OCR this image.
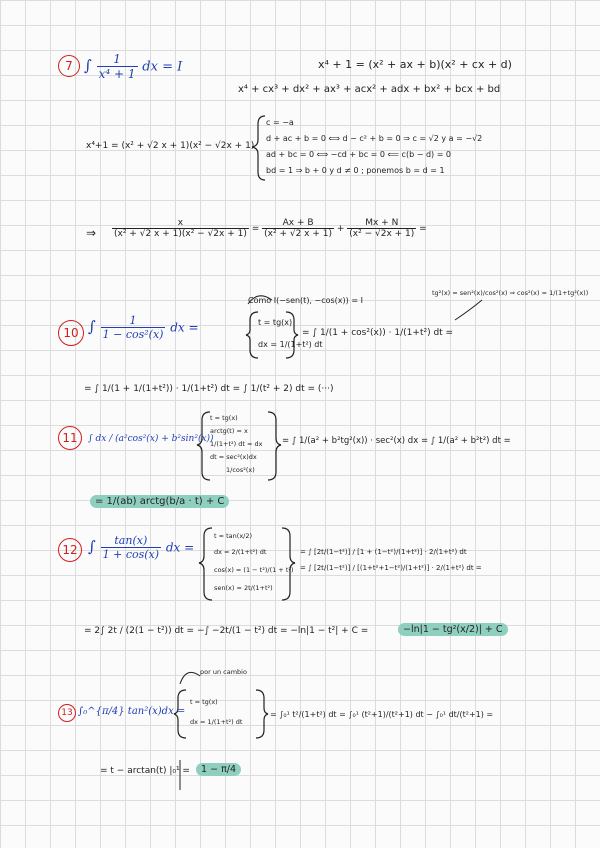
7 ∫ $\frac{1}{\text{x⁴ + 1}}$ dx = I	x⁴ + 1 = (x² + ax + b)(x² + cx + d)
x⁴ + cx³ + dx² + ax³ + acx² + adx + bx² + bcx + bd
x⁴+1 = (x² + √2 x + 1)(x² − √2x + 1)
c = −a
d + ac + b = 0 ⟺ d − c² + b = 0 ⇒ c = √2 y a = −√2
ad + bc = 0 ⟺ −cd + bc = 0 ⟸ c(b − d) = 0
bd = 1 ⇒ b + 0 y d ≠ 0 ; ponemos b = d = 1
⇒ $\frac{x}{\text{(x² + √2 x + 1)(x² − √2x + 1)}} = \frac{Ax + B}{\text{(x² + √2 x + 1)}} + \frac{Mx + N}{\text{(x² − √2x + 1)}}$ =
Como I(−sen(t), −cos(x)) = I
tg²(x) = sen²(x)/cos²(x) ⇒ cos²(x) = 1/(1+tg²(x))
10 ∫ $\frac{1}{\text{1 − cos²(x)}}$ dx =	t = tg(x)
dx = 1/(1+t²) dt
= ∫ 1/(1 + cos²(x)) · 1/(1+t²) dt =
= ∫ 1/(1 + 1/(1+t²)) · 1/(1+t²) dt = ∫ 1/(t² + 2) dt = (···)
11	∫ dx / (a²cos²(x) + b²sin²(x))
t = tg(x)
arctg(t) = x
1/(1+t²) dt = dx
dt = sec²(x)dx
1/cos²(x)
= ∫ 1/(a² + b²tg²(x)) · sec²(x) dx = ∫ 1/(a² + b²t²) dt =
= 1/(ab) arctg(b/a · t) + C
12 ∫ $\frac{\tan(x)}{1 + \cos(x)}$ dx =
t = tan(x/2)
dx = 2/(1+t²) dt
cos(x) = (1 − t²)/(1 + t²)
sen(x) = 2t/(1+t²)
= ∫ [2t/(1−t²)] / [1 + (1−t²)/(1+t²)] · 2/(1+t²) dt
= ∫ [2t/(1−t²)] / [(1+t²+1−t²)/(1+t²)] · 2/(1+t²) dt =
= 2∫ 2t / (2(1 − t²)) dt = −∫ −2t/(1 − t²) dt = −ln|1 − t²| + C =	−ln|1 − tg²(x/2)| + C
por un cambio
13 ∫₀^{π/4} tan²(x)dx =
t = tg(x)
dx = 1/(1+t²) dt
= ∫₀¹ t²/(1+t²) dt = ∫₀¹ (t²+1)/(t²+1) dt − ∫₀¹ dt/(t²+1) =
= t − arctan(t) |₀¹ =	1 − π/4
